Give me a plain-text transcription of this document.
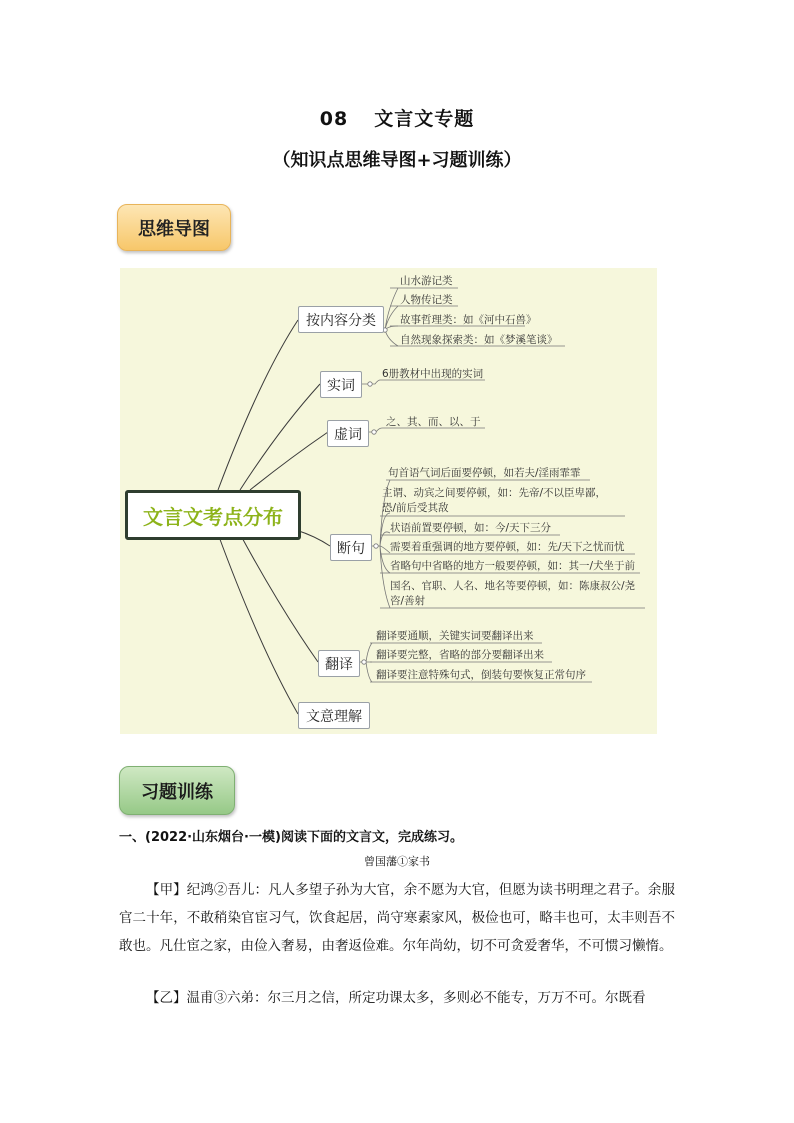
08 文言文专题
（知识点思维导图+习题训练）
思维导图
文言文考点分布
按内容分类
实词
虚词
断句
翻译
文意理解
山水游记类
人物传记类
故事哲理类：如《河中石兽》
自然现象探索类：如《梦溪笔谈》
6册教材中出现的实词
之、其、而、以、于
句首语气词后面要停顿，如若夫/淫雨霏霏
主谓、动宾之间要停顿，如：先帝/不以臣卑鄙，
恐/前后受其敌
状语前置要停顿，如：今/天下三分
需要着重强调的地方要停顿，如：先/天下之忧而忧
省略句中省略的地方一般要停顿，如：其一/犬坐于前
国名、官职、人名、地名等要停顿，如：陈康叔公/尧
咨/善射
翻译要通顺，关键实词要翻译出来
翻译要完整，省略的部分要翻译出来
翻译要注意特殊句式，倒装句要恢复正常句序
习题训练
一、(2022·山东烟台·一模)阅读下面的文言文，完成练习。
曾国藩①家书
【甲】纪鸿②吾儿：凡人多望子孙为大官，余不愿为大官，但愿为读书明理之君子。余服官二十年，不敢稍染官宦习气，饮食起居，尚守寒素家风，极俭也可，略丰也可，太丰则吾不敢也。凡仕宦之家，由俭入奢易，由奢返俭难。尔年尚幼，切不可贪爱奢华，不可惯习懒惰。
【乙】温甫③六弟：尔三月之信，所定功课太多，多则必不能专，万万不可。尔既看
